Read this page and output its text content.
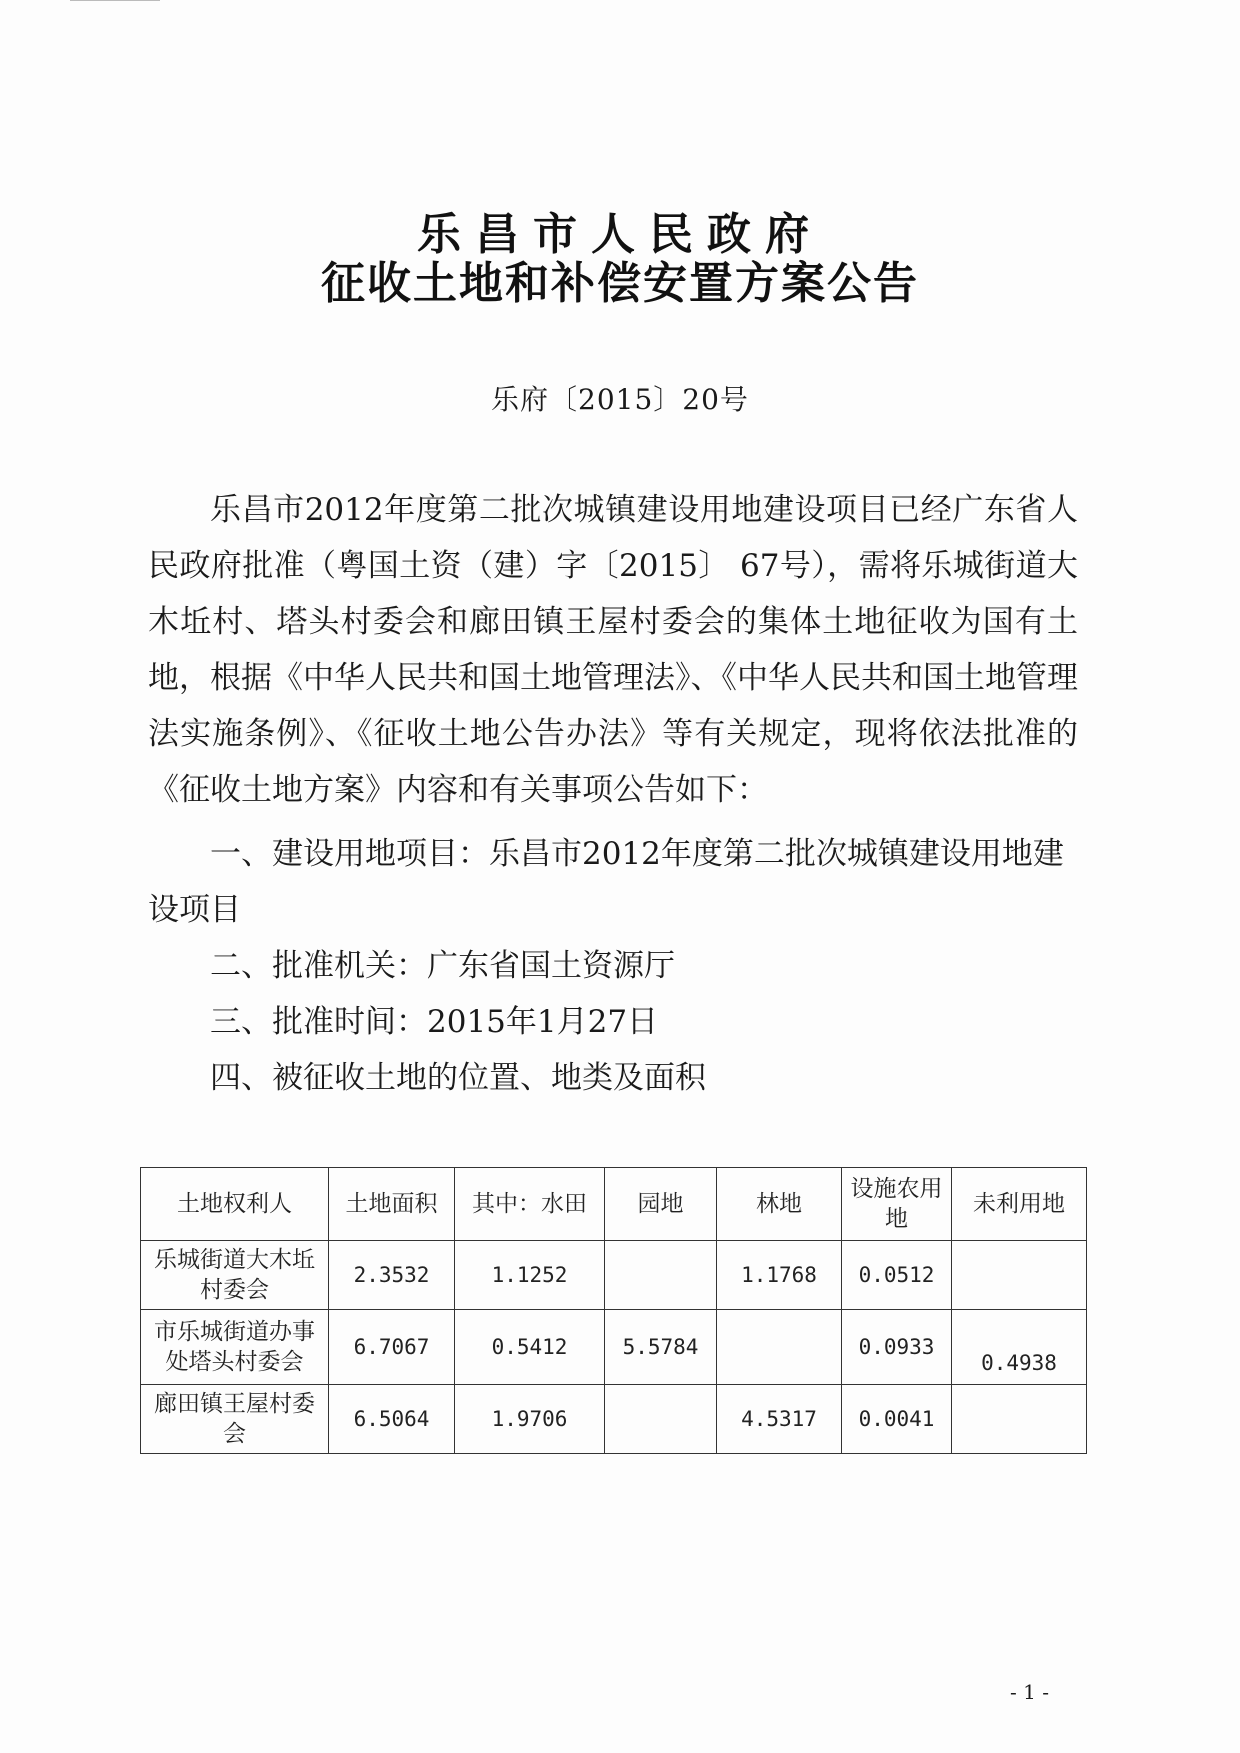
乐昌市人民政府
征收土地和补偿安置方案公告
乐府〔2015〕20号
乐昌市2012年度第二批次城镇建设用地建设项目已经广东省人民政府批准（粤国土资（建）字〔2015〕 67号），需将乐城街道大木坵村、塔头村委会和廊田镇王屋村委会的集体土地征收为国有土地，根据《中华人民共和国土地管理法》、《中华人民共和国土地管理法实施条例》、《征收土地公告办法》等有关规定，现将依法批准的《征收土地方案》内容和有关事项公告如下：
一、建设用地项目：乐昌市2012年度第二批次城镇建设用地建设项目
二、批准机关：广东省国土资源厅
三、批准时间：2015年1月27日
四、被征收土地的位置、地类及面积
土地权利人	土地面积	其中：水田	园地	林地	设施农用地	未利用地
乐城街道大木坵村委会	2.3532	1.1252		1.1768	0.0512	
市乐城街道办事处塔头村委会	6.7067	0.5412	5.5784		0.0933	0.4938
廊田镇王屋村委会	6.5064	1.9706		4.5317	0.0041	
- 1 -
